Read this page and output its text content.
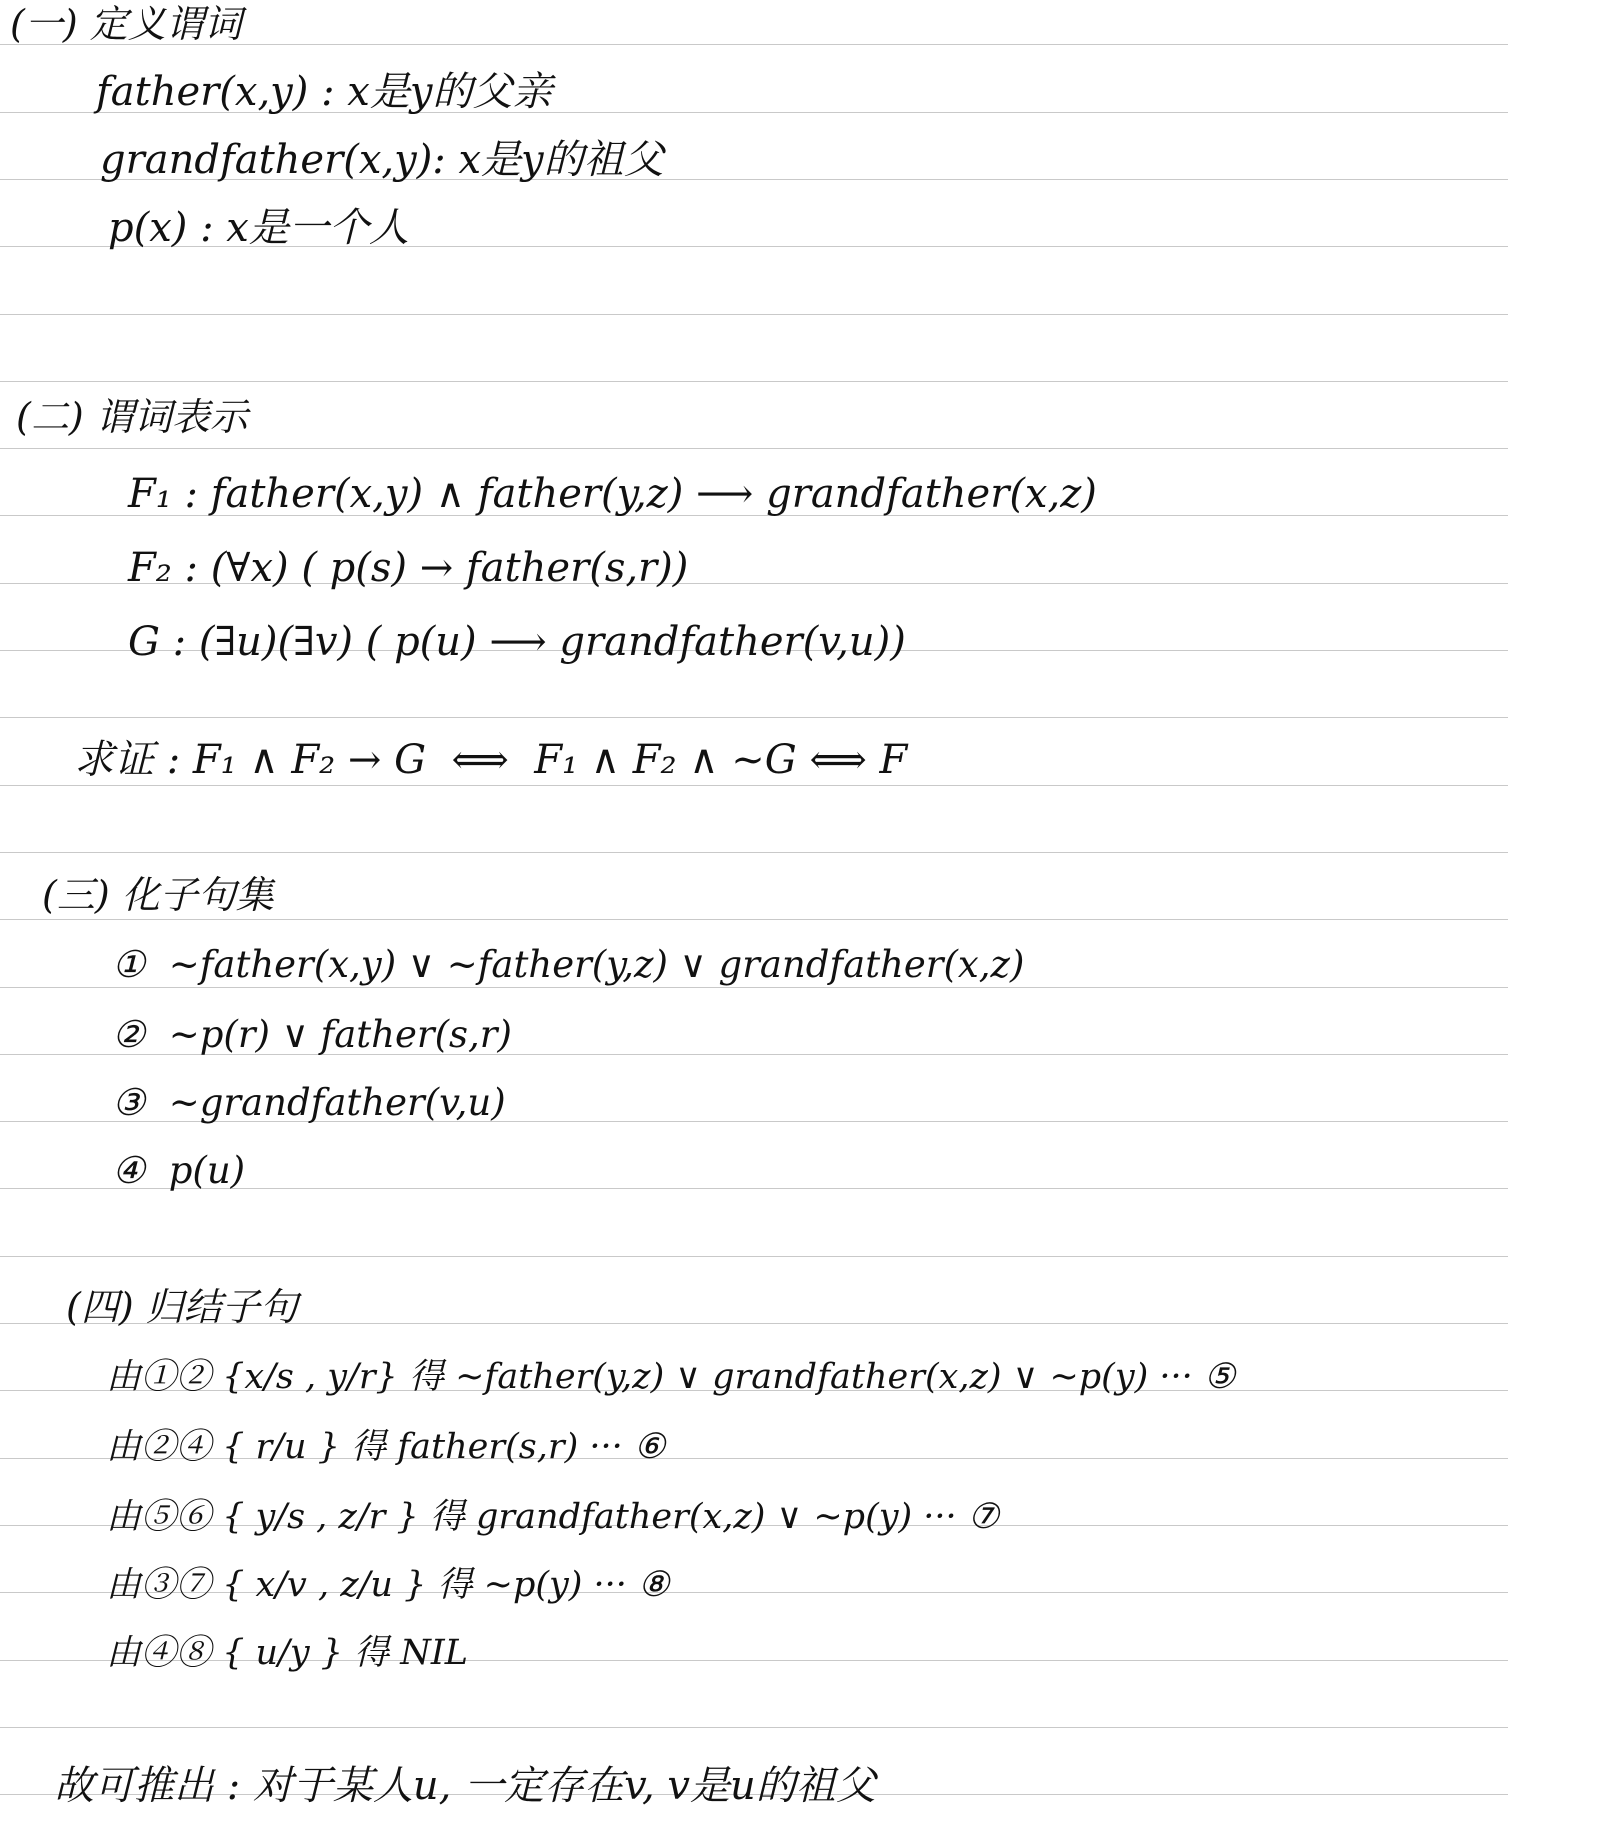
(一) 定义谓词
father(x,y) : x是y的父亲
grandfather(x,y): x是y的祖父
p(x) : x是一个人
(二) 谓词表示
F₁ : father(x,y) ∧ father(y,z) ⟶ grandfather(x,z)
F₂ : (∀x) ( p(s) → father(s,r))
G : (∃u)(∃v) ( p(u) ⟶ grandfather(v,u))
求证 : F₁ ∧ F₂ → G  ⟺  F₁ ∧ F₂ ∧ ~G ⟺ F
(三) 化子句集
①  ~father(x,y) ∨ ~father(y,z) ∨ grandfather(x,z)
②  ~p(r) ∨ father(s,r)
③  ~grandfather(v,u)
④  p(u)
(四) 归结子句
由①② {x/s , y/r} 得 ~father(y,z) ∨ grandfather(x,z) ∨ ~p(y) ··· ⑤
由②④ { r/u } 得 father(s,r) ··· ⑥
由⑤⑥ { y/s , z/r } 得 grandfather(x,z) ∨ ~p(y) ··· ⑦
由③⑦ { x/v , z/u } 得 ~p(y) ··· ⑧
由④⑧ { u/y } 得 NIL
故可推出 : 对于某人u, 一定存在v, v是u的祖父
